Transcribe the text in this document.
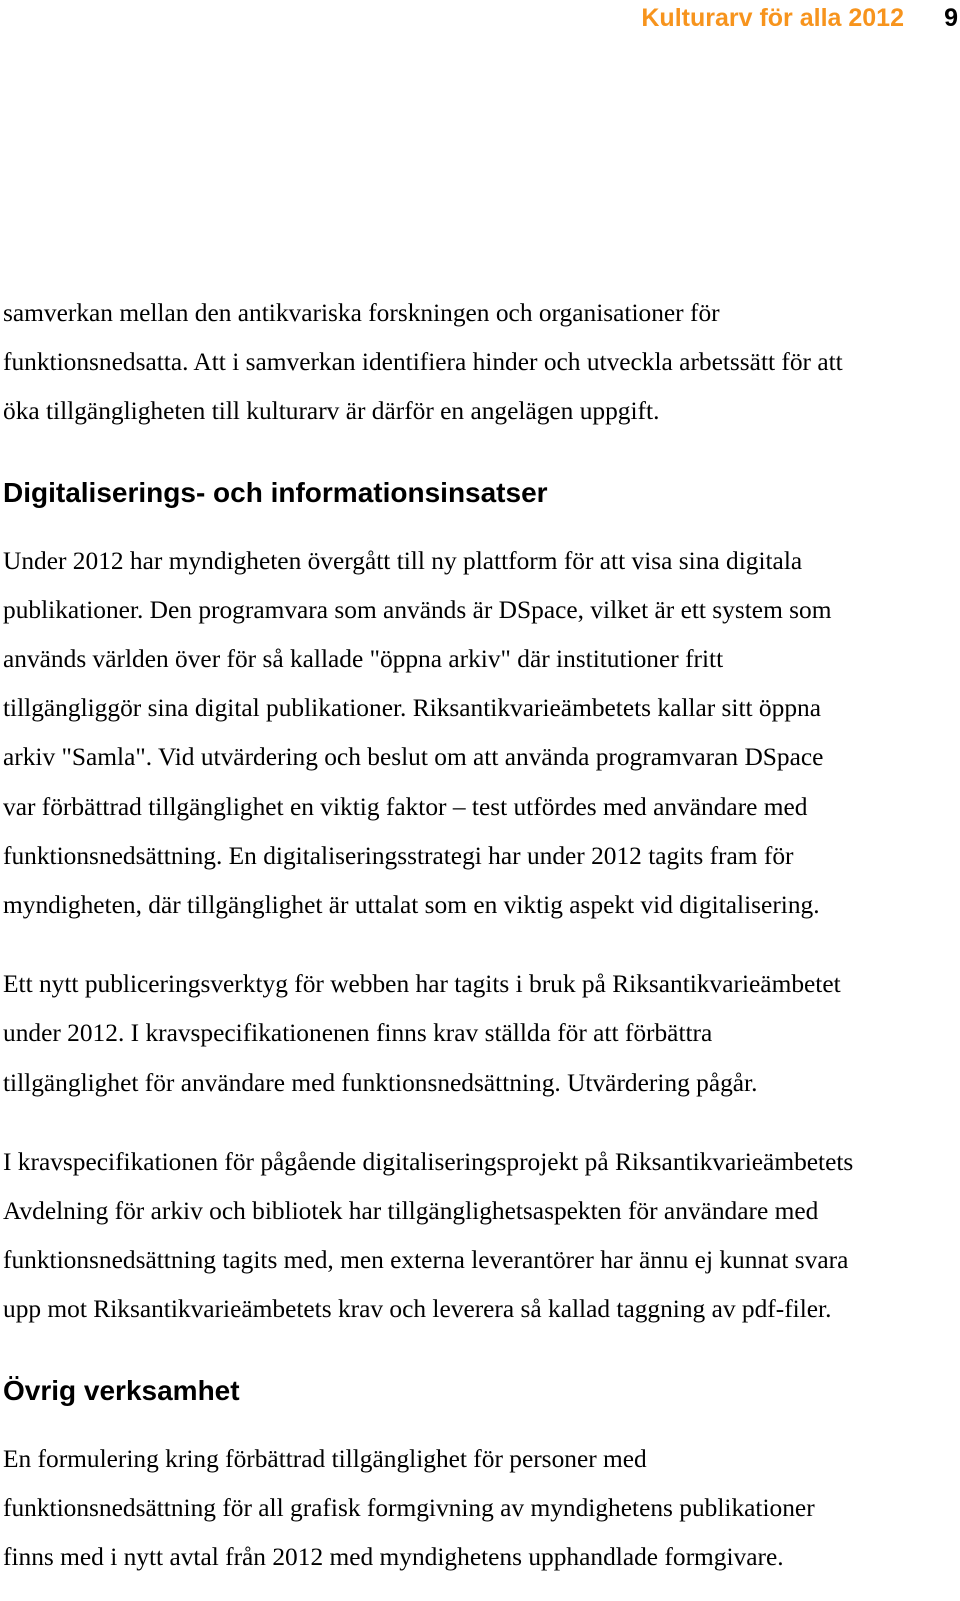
Kulturarv för alla 2012 9

samverkan mellan den antikvariska forskningen och organisationer för
funktionsnedsatta. Att i samverkan identifiera hinder och utveckla arbetssätt för att
öka tillgängligheten till kulturarv är därför en angelägen uppgift.

Digitaliserings- och informationsinsatser

Under 2012 har myndigheten övergått till ny plattform för att visa sina digitala
publikationer. Den programvara som används är DSpace, vilket är ett system som
används världen över för så kallade "öppna arkiv" där institutioner fritt
tillgängliggör sina digital publikationer. Riksantikvarieämbetets kallar sitt öppna
arkiv "Samla". Vid utvärdering och beslut om att använda programvaran DSpace
var förbättrad tillgänglighet en viktig faktor – test utfördes med användare med
funktionsnedsättning. En digitaliseringsstrategi har under 2012 tagits fram för
myndigheten, där tillgänglighet är uttalat som en viktig aspekt vid digitalisering.

Ett nytt publiceringsverktyg för webben har tagits i bruk på Riksantikvarieämbetet
under 2012. I kravspecifikationenen finns krav ställda för att förbättra
tillgänglighet för användare med funktionsnedsättning. Utvärdering pågår.

I kravspecifikationen för pågående digitaliseringsprojekt på Riksantikvarieämbetets
Avdelning för arkiv och bibliotek har tillgänglighetsaspekten för användare med
funktionsnedsättning tagits med, men externa leverantörer har ännu ej kunnat svara
upp mot Riksantikvarieämbetets krav och leverera så kallad taggning av pdf-filer.

Övrig verksamhet

En formulering kring förbättrad tillgänglighet för personer med
funktionsnedsättning för all grafisk formgivning av myndighetens publikationer
finns med i nytt avtal från 2012 med myndighetens upphandlade formgivare.
